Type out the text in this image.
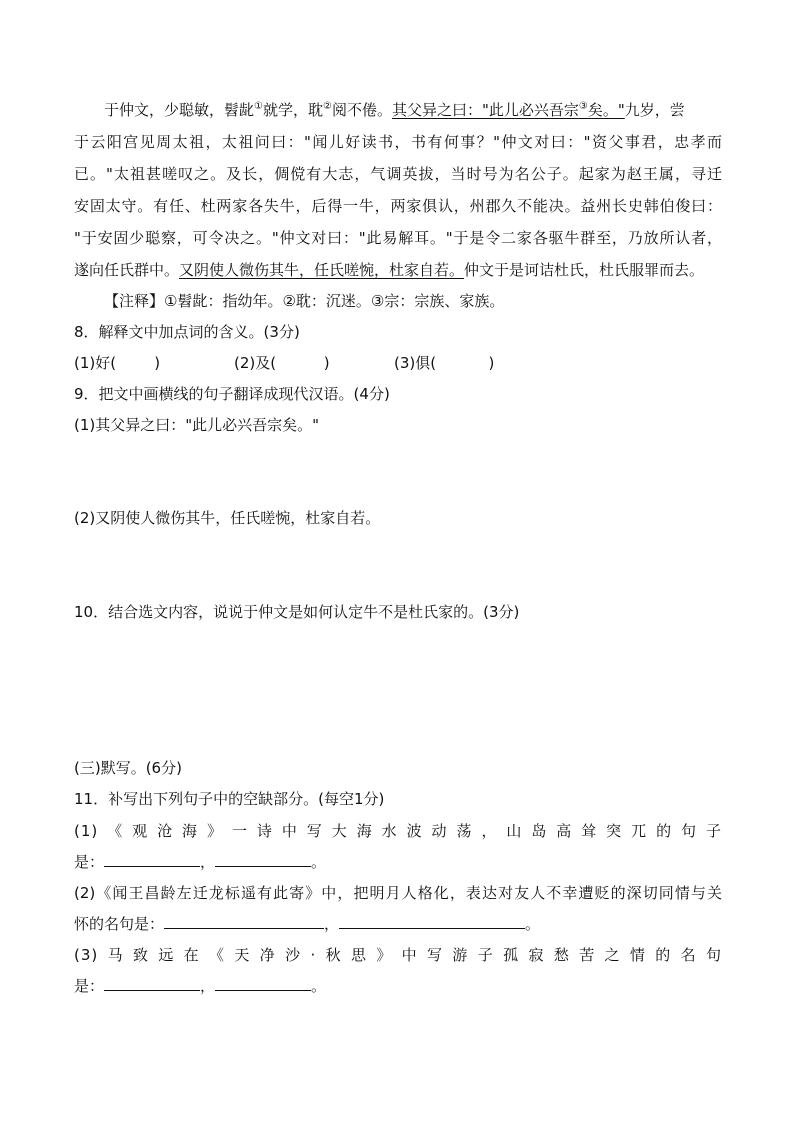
于仲文，少聪敏，髫龀①就学，耽②阅不倦。其父异之曰："此儿必兴吾宗③矣。"九岁，尝
于云阳宫见周太祖，太祖问曰："闻儿好读书，书有何事？"仲文对曰："资父事君，忠孝而
已。"太祖甚嗟叹之。及长，倜傥有大志，气调英拔，当时号为名公子。起家为赵王属，寻迁
安固太守。有任、杜两家各失牛，后得一牛，两家俱认，州郡久不能决。益州长史韩伯俊曰：
"于安固少聪察，可令决之。"仲文对曰："此易解耳。"于是令二家各驱牛群至，乃放所认者，
遂向任氏群中。又阴使人微伤其牛，任氏嗟惋，杜家自若。仲文于是诃诘杜氏，杜氏服罪而去。
【注释】①髫龀：指幼年。②耽：沉迷。③宗：宗族、家族。
8．解释文中加点词的含义。(3分)
(1)好(        )	(2)及(          )	(3)俱(           )
9．把文中画横线的句子翻译成现代汉语。(4分)
(1)其父异之曰："此儿必兴吾宗矣。"
(2)又阴使人微伤其牛，任氏嗟惋，杜家自若。
10．结合选文内容，说说于仲文是如何认定牛不是杜氏家的。(3分)
(三)默写。(6分)
11．补写出下列句子中的空缺部分。(每空1分)
(1)《观沧海》一诗中写大海水波动荡，山岛高耸突兀的句子
是：	，	。
(2)《闻王昌龄左迁龙标遥有此寄》中，把明月人格化，表达对友人不幸遭贬的深切同情与关
怀的名句是：	，	。
(3)马致远在《天净沙·秋思》中写游子孤寂愁苦之情的名句
是：	，	。
